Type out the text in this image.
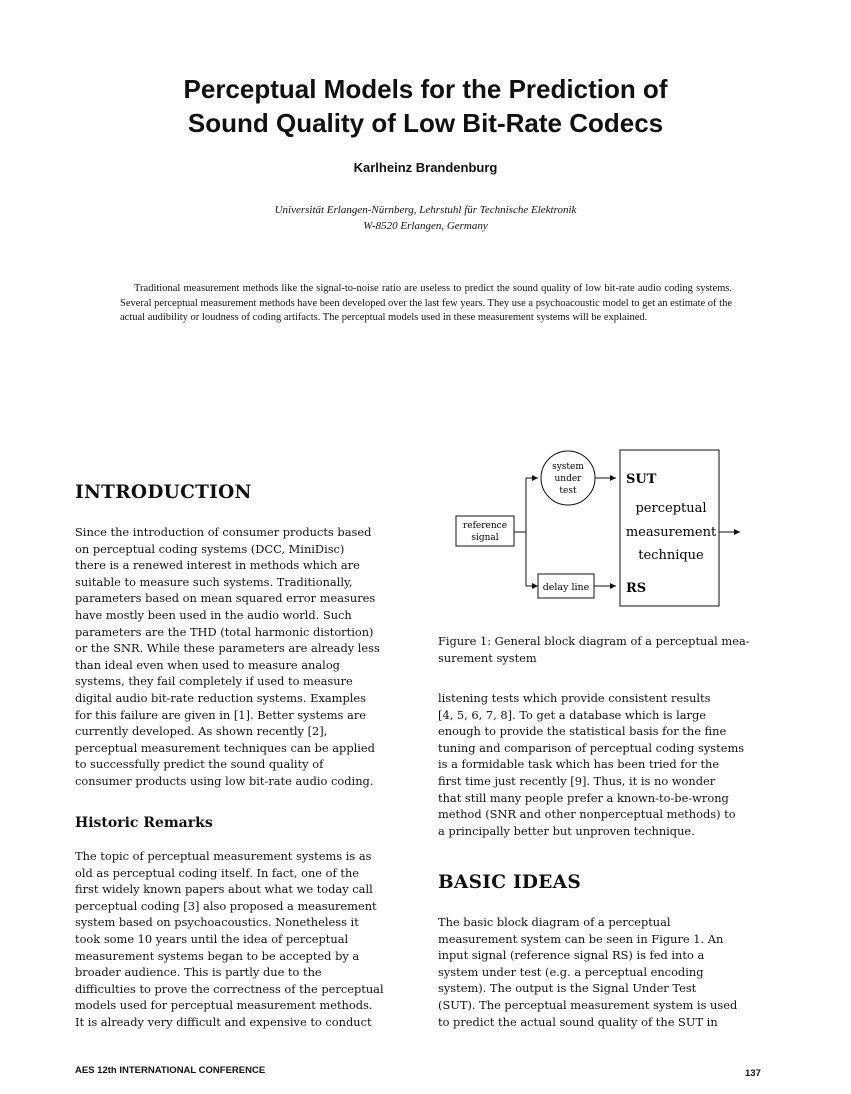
Perceptual Models for the Prediction of
Sound Quality of Low Bit-Rate Codecs
Karlheinz Brandenburg
Universität Erlangen-Nürnberg, Lehrstuhl für Technische Elektronik
W-8520 Erlangen, Germany
Traditional measurement methods like the signal-to-noise ratio are useless to predict the sound quality of low bit-rate audio coding systems. Several perceptual measurement methods have been developed over the last few years. They use a psychoacoustic model to get an estimate of the actual audibility or loudness of coding artifacts. The perceptual models used in these measurement systems will be explained.
INTRODUCTION
Since the introduction of consumer products based
on perceptual coding systems (DCC, MiniDisc)
there is a renewed interest in methods which are
suitable to measure such systems. Traditionally,
parameters based on mean squared error measures
have mostly been used in the audio world. Such
parameters are the THD (total harmonic distortion)
or the SNR. While these parameters are already less
than ideal even when used to measure analog
systems, they fail completely if used to measure
digital audio bit-rate reduction systems. Examples
for this failure are given in [1]. Better systems are
currently developed. As shown recently [2],
perceptual measurement techniques can be applied
to successfully predict the sound quality of
consumer products using low bit-rate audio coding.
Historic Remarks
The topic of perceptual measurement systems is as
old as perceptual coding itself. In fact, one of the
first widely known papers about what we today call
perceptual coding [3] also proposed a measurement
system based on psychoacoustics. Nonetheless it
took some 10 years until the idea of perceptual
measurement systems began to be accepted by a
broader audience. This is partly due to the
difficulties to prove the correctness of the perceptual
models used for perceptual measurement methods.
It is already very difficult and expensive to conduct
reference
signal
system
under
test
delay line
SUT
perceptual
measurement
technique
RS
Figure 1: General block diagram of a perceptual mea-
surement system
listening tests which provide consistent results
[4, 5, 6, 7, 8]. To get a database which is large
enough to provide the statistical basis for the fine
tuning and comparison of perceptual coding systems
is a formidable task which has been tried for the
first time just recently [9]. Thus, it is no wonder
that still many people prefer a known-to-be-wrong
method (SNR and other nonperceptual methods) to
a principally better but unproven technique.
BASIC IDEAS
The basic block diagram of a perceptual
measurement system can be seen in Figure 1. An
input signal (reference signal RS) is fed into a
system under test (e.g. a perceptual encoding
system). The output is the Signal Under Test
(SUT). The perceptual measurement system is used
to predict the actual sound quality of the SUT in
AES 12th INTERNATIONAL CONFERENCE	137
